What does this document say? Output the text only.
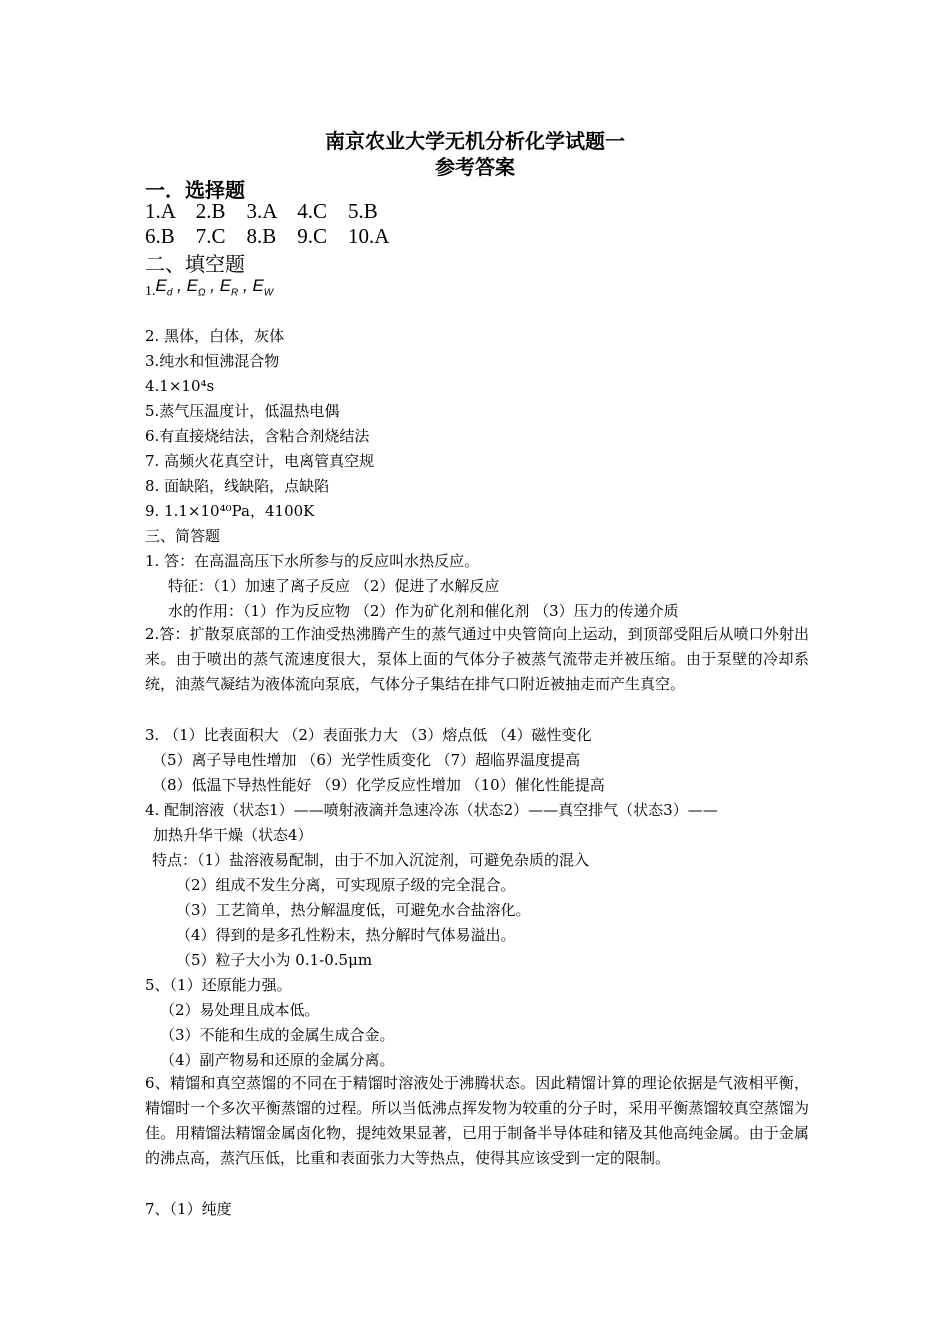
南京农业大学无机分析化学试题一
参考答案
一．选择题
1.A    2.B    3.A    4.C    5.B
6.B    7.C    8.B    9.C    10.A
二、填空题
$1.E_d$ , $E_\Omega$ , $E_R$ , $E_W$
2. 黑体，白体，灰体
3.纯水和恒沸混合物
4.1×10⁴s
5.蒸气压温度计，低温热电偶
6.有直接烧结法，含粘合剂烧结法
7. 高频火花真空计，电离管真空规
8. 面缺陷，线缺陷，点缺陷
9. 1.1×10⁴⁰Pa，4100K
三、简答题
1. 答：在高温高压下水所参与的反应叫水热反应。
特征：（1）加速了离子反应 （2）促进了水解反应
水的作用：（1）作为反应物 （2）作为矿化剂和催化剂 （3）压力的传递介质
2.答：扩散泵底部的工作油受热沸腾产生的蒸气通过中央管筒向上运动，到顶部受阻后从喷口外射出来。由于喷出的蒸气流速度很大，泵体上面的气体分子被蒸气流带走并被压缩。由于泵壁的冷却系统，油蒸气凝结为液体流向泵底，气体分子集结在排气口附近被抽走而产生真空。
3. （1）比表面积大 （2）表面张力大 （3）熔点低 （4）磁性变化
（5）离子导电性增加 （6）光学性质变化 （7）超临界温度提高
（8）低温下导热性能好 （9）化学反应性增加 （10）催化性能提高
4. 配制溶液（状态1）——喷射液滴并急速冷冻（状态2）——真空排气（状态3）——
加热升华干燥（状态4）
特点：（1）盐溶液易配制，由于不加入沉淀剂，可避免杂质的混入
（2）组成不发生分离，可实现原子级的完全混合。
（3）工艺简单，热分解温度低，可避免水合盐溶化。
（4）得到的是多孔性粉末，热分解时气体易溢出。
（5）粒子大小为 0.1-0.5μm
5、（1）还原能力强。
（2）易处理且成本低。
（3）不能和生成的金属生成合金。
（4）副产物易和还原的金属分离。
6、精馏和真空蒸馏的不同在于精馏时溶液处于沸腾状态。因此精馏计算的理论依据是气液相平衡，精馏时一个多次平衡蒸馏的过程。所以当低沸点挥发物为较重的分子时，采用平衡蒸馏较真空蒸馏为佳。用精馏法精馏金属卤化物，提纯效果显著，已用于制备半导体硅和锗及其他高纯金属。由于金属的沸点高，蒸汽压低，比重和表面张力大等热点，使得其应该受到一定的限制。
7、（1）纯度
